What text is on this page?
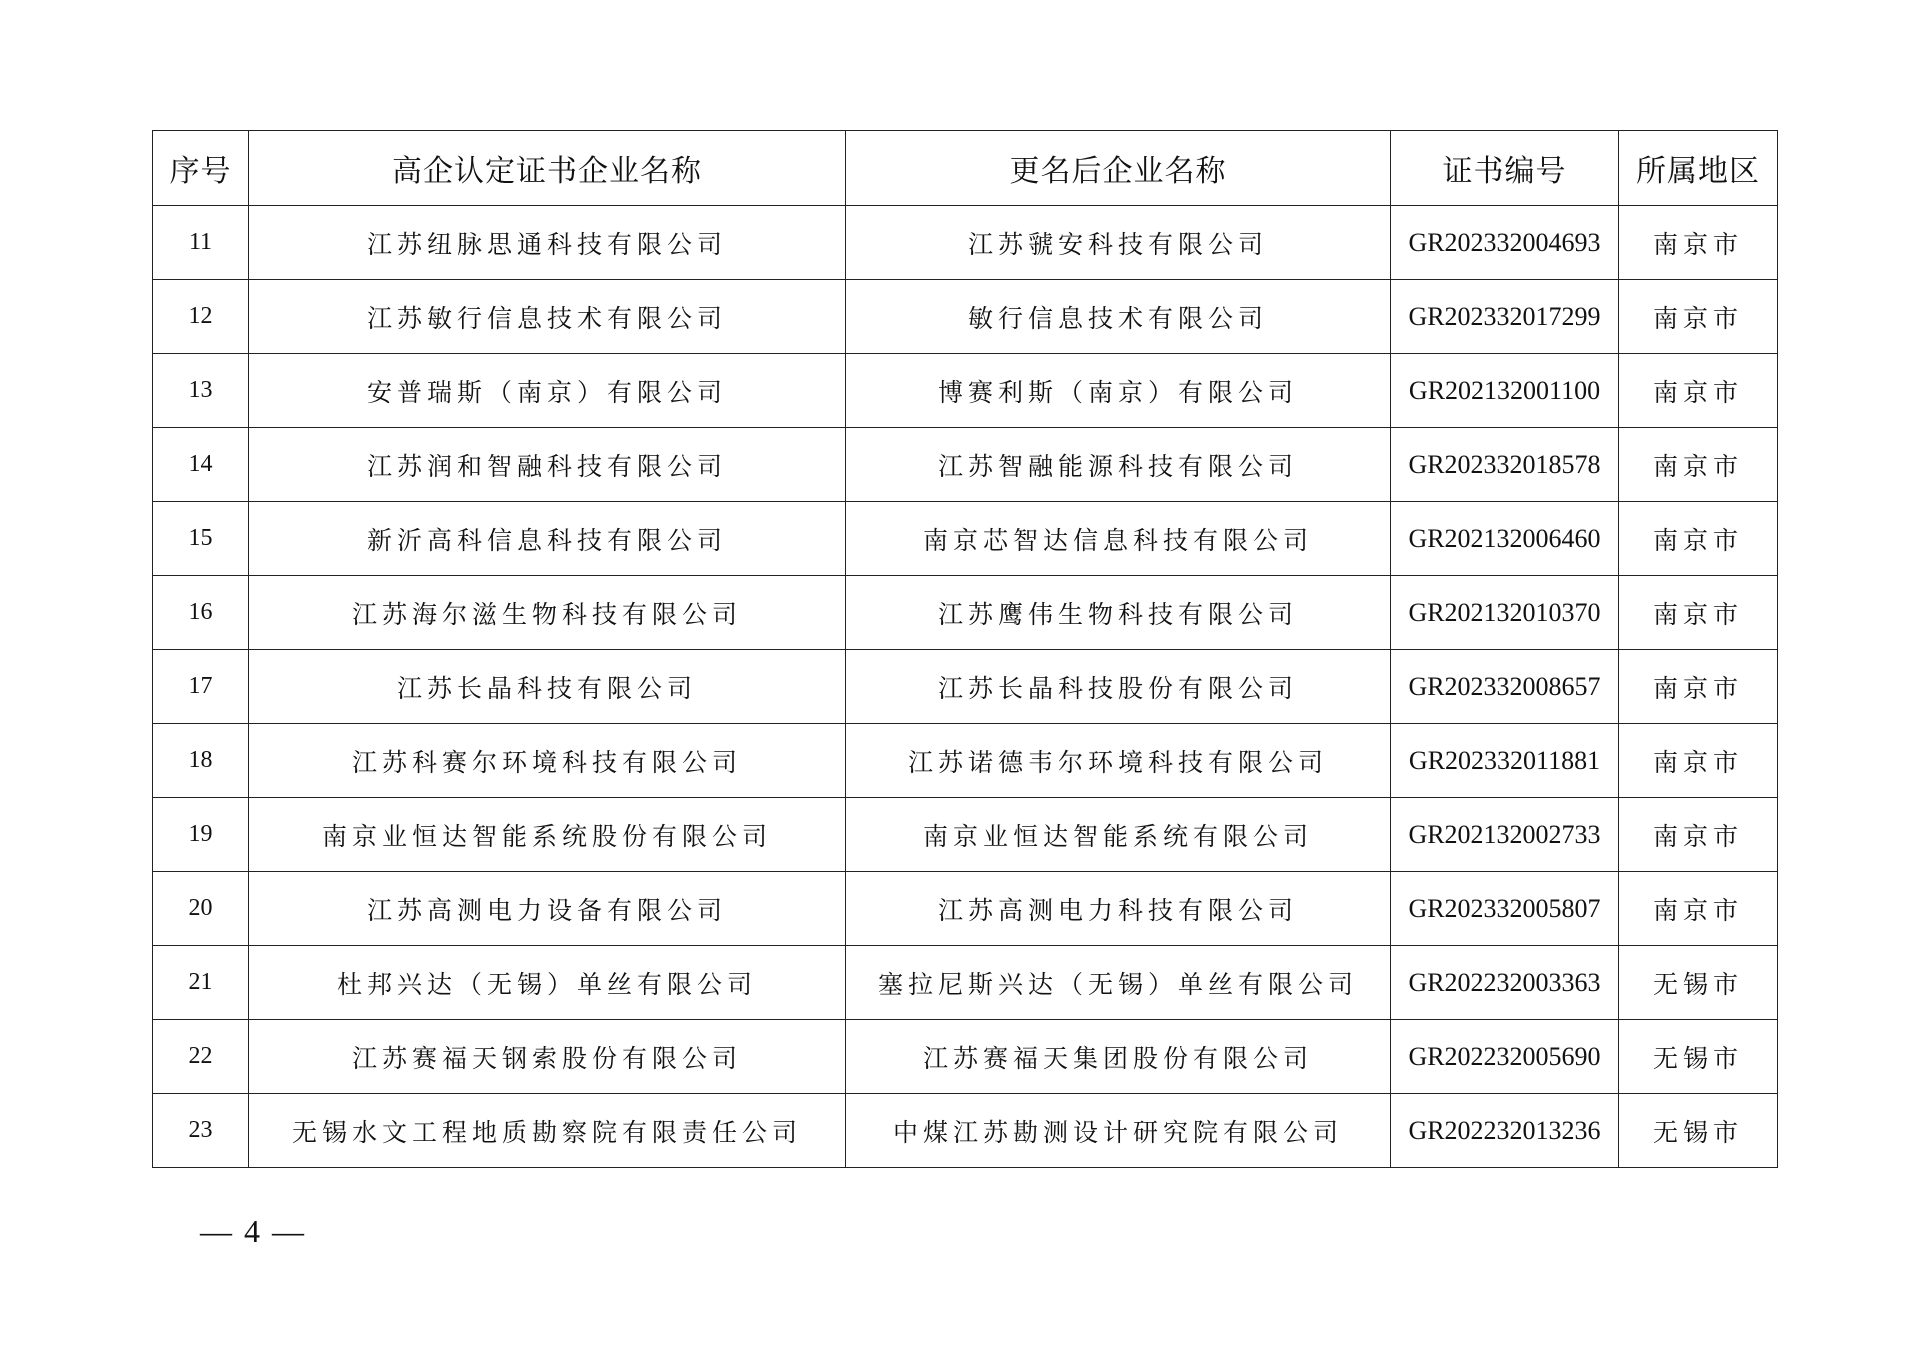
序号	高企认定证书企业名称	更名后企业名称	证书编号	所属地区
11	江苏纽脉思通科技有限公司	江苏虢安科技有限公司	GR202332004693	南京市
12	江苏敏行信息技术有限公司	敏行信息技术有限公司	GR202332017299	南京市
13	安普瑞斯（南京）有限公司	博赛利斯（南京）有限公司	GR202132001100	南京市
14	江苏润和智融科技有限公司	江苏智融能源科技有限公司	GR202332018578	南京市
15	新沂高科信息科技有限公司	南京芯智达信息科技有限公司	GR202132006460	南京市
16	江苏海尔滋生物科技有限公司	江苏鹰伟生物科技有限公司	GR202132010370	南京市
17	江苏长晶科技有限公司	江苏长晶科技股份有限公司	GR202332008657	南京市
18	江苏科赛尔环境科技有限公司	江苏诺德韦尔环境科技有限公司	GR202332011881	南京市
19	南京业恒达智能系统股份有限公司	南京业恒达智能系统有限公司	GR202132002733	南京市
20	江苏高测电力设备有限公司	江苏高测电力科技有限公司	GR202332005807	南京市
21	杜邦兴达（无锡）单丝有限公司	塞拉尼斯兴达（无锡）单丝有限公司	GR202232003363	无锡市
22	江苏赛福天钢索股份有限公司	江苏赛福天集团股份有限公司	GR202232005690	无锡市
23	无锡水文工程地质勘察院有限责任公司	中煤江苏勘测设计研究院有限公司	GR202232013236	无锡市
— 4 —
